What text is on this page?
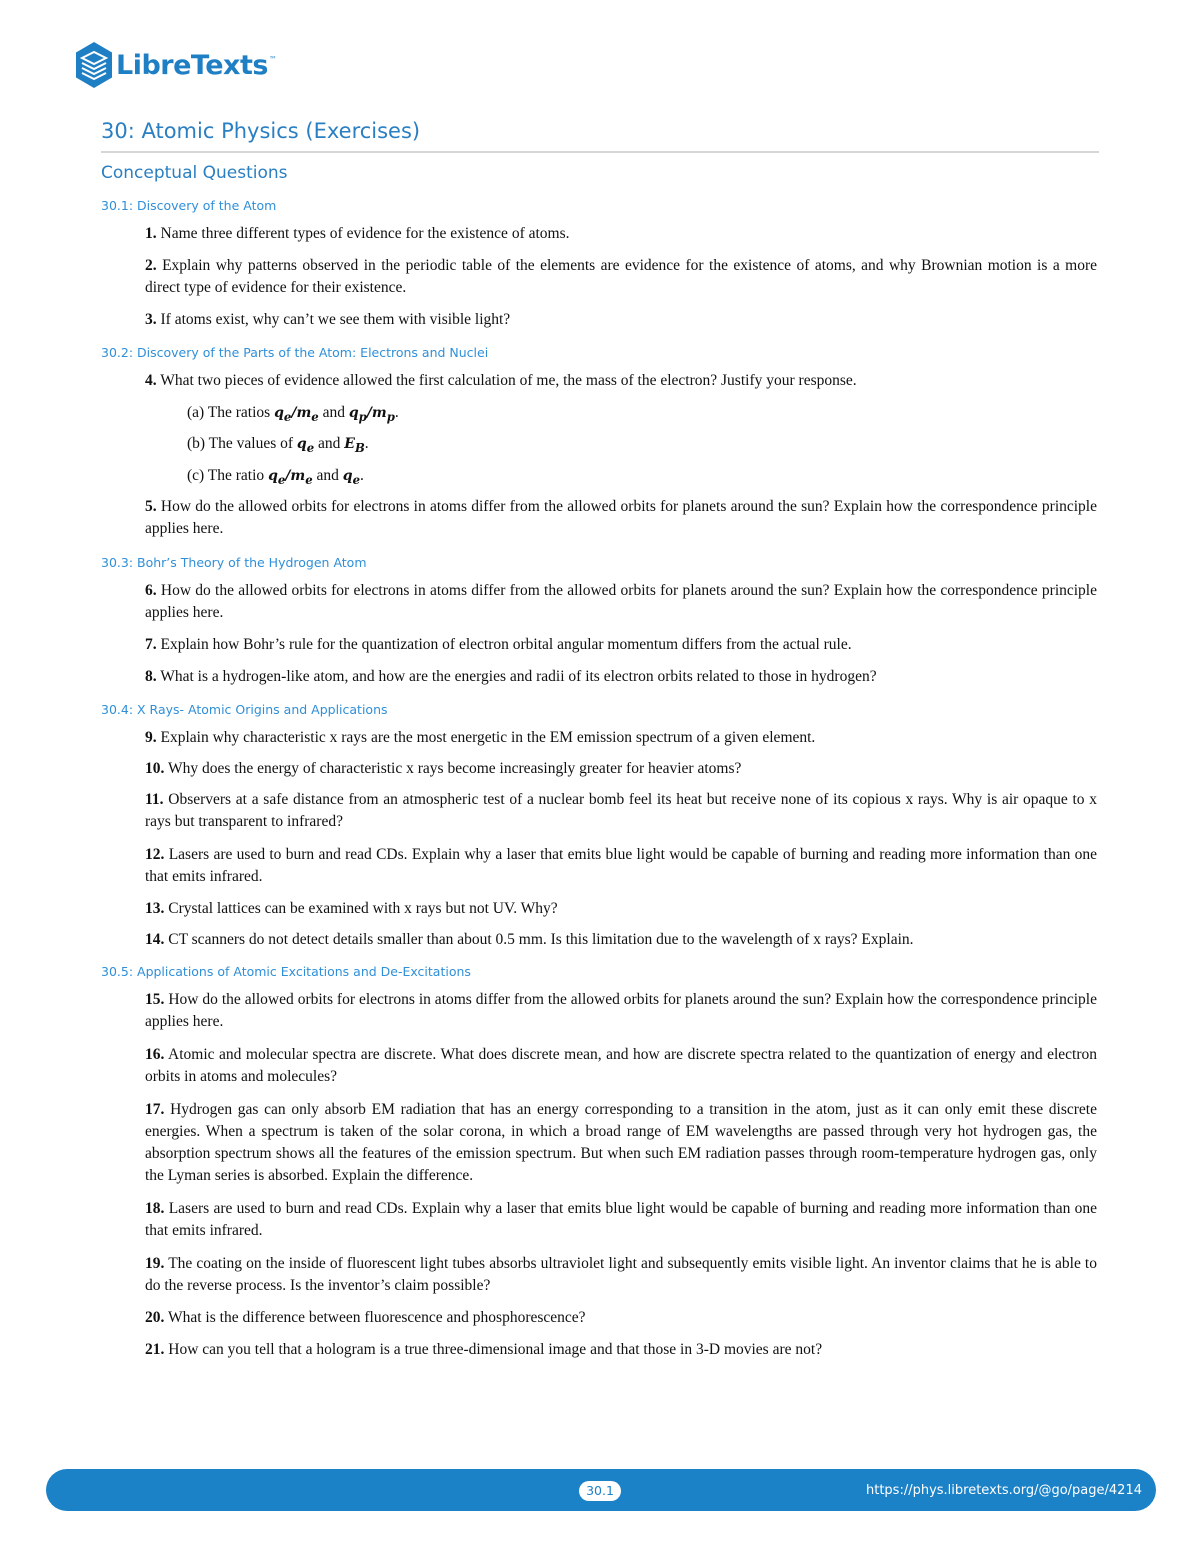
LibreTexts ™
30: Atomic Physics (Exercises)
Conceptual Questions
30.1: Discovery of the Atom
1. Name three different types of evidence for the existence of atoms.
2. Explain why patterns observed in the periodic table of the elements are evidence for the existence of atoms, and why Brownian motion is a more direct type of evidence for their existence.
3. If atoms exist, why can’t we see them with visible light?
30.2: Discovery of the Parts of the Atom: Electrons and Nuclei
4. What two pieces of evidence allowed the first calculation of me, the mass of the electron? Justify your response.
(a) The ratios $q_e/m_e$ and $q_p/m_p$.
(b) The values of $q_e$ and $E_B$.
(c) The ratio $q_e/m_e$ and $q_e$.
5. How do the allowed orbits for electrons in atoms differ from the allowed orbits for planets around the sun? Explain how the correspondence principle applies here.
30.3: Bohr’s Theory of the Hydrogen Atom
6. How do the allowed orbits for electrons in atoms differ from the allowed orbits for planets around the sun? Explain how the correspondence principle applies here.
7. Explain how Bohr’s rule for the quantization of electron orbital angular momentum differs from the actual rule.
8. What is a hydrogen-like atom, and how are the energies and radii of its electron orbits related to those in hydrogen?
30.4: X Rays- Atomic Origins and Applications
9. Explain why characteristic x rays are the most energetic in the EM emission spectrum of a given element.
10. Why does the energy of characteristic x rays become increasingly greater for heavier atoms?
11. Observers at a safe distance from an atmospheric test of a nuclear bomb feel its heat but receive none of its copious x rays. Why is air opaque to x rays but transparent to infrared?
12. Lasers are used to burn and read CDs. Explain why a laser that emits blue light would be capable of burning and reading more information than one that emits infrared.
13. Crystal lattices can be examined with x rays but not UV. Why?
14. CT scanners do not detect details smaller than about 0.5 mm. Is this limitation due to the wavelength of x rays? Explain.
30.5: Applications of Atomic Excitations and De-Excitations
15. How do the allowed orbits for electrons in atoms differ from the allowed orbits for planets around the sun? Explain how the correspondence principle applies here.
16. Atomic and molecular spectra are discrete. What does discrete mean, and how are discrete spectra related to the quantization of energy and electron orbits in atoms and molecules?
17. Hydrogen gas can only absorb EM radiation that has an energy corresponding to a transition in the atom, just as it can only emit these discrete energies. When a spectrum is taken of the solar corona, in which a broad range of EM wavelengths are passed through very hot hydrogen gas, the absorption spectrum shows all the features of the emission spectrum. But when such EM radiation passes through room-temperature hydrogen gas, only the Lyman series is absorbed. Explain the difference.
18. Lasers are used to burn and read CDs. Explain why a laser that emits blue light would be capable of burning and reading more information than one that emits infrared.
19. The coating on the inside of fluorescent light tubes absorbs ultraviolet light and subsequently emits visible light. An inventor claims that he is able to do the reverse process. Is the inventor’s claim possible?
20. What is the difference between fluorescence and phosphorescence?
21. How can you tell that a hologram is a true three-dimensional image and that those in 3-D movies are not?
30.1	https://phys.libretexts.org/@go/page/4214
